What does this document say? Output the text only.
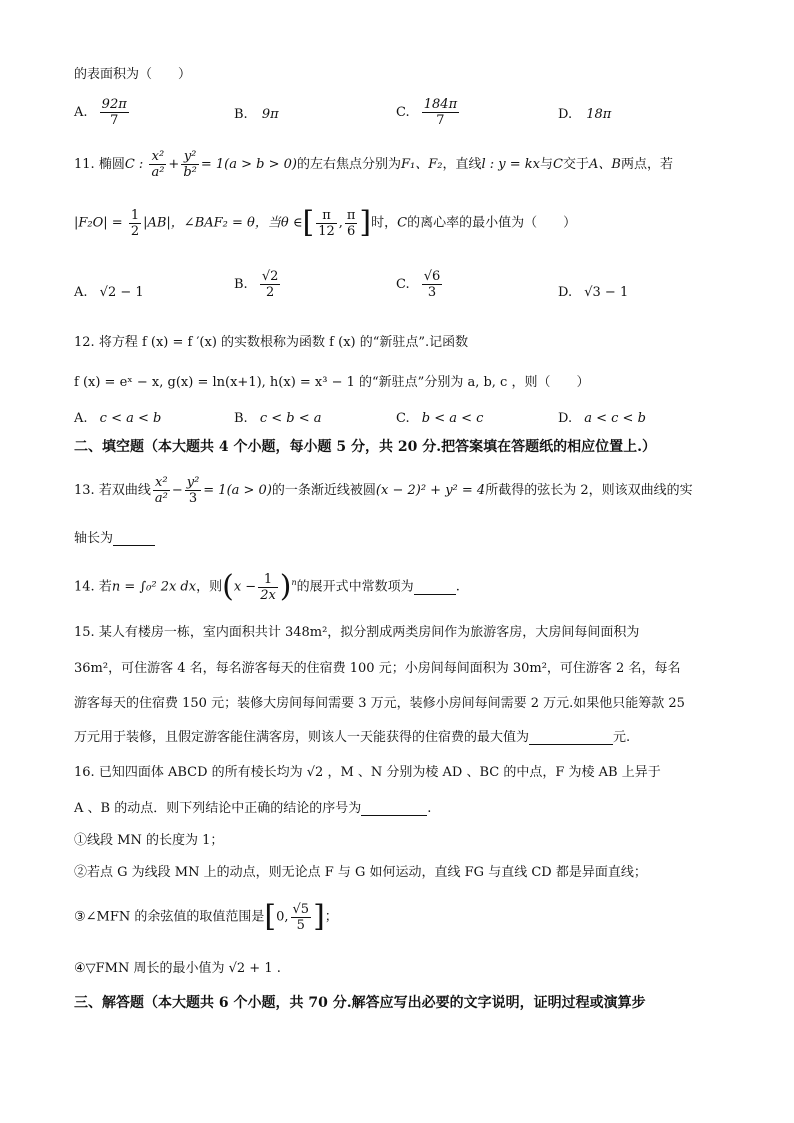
的表面积为（　　）
A. $\frac{92\pi}{7}$	B. 9π	C. $\frac{184\pi}{7}$	D. 18π
11. 椭圆C : $\frac{\text{x²}}{\text{a²}} + \frac{\text{y²}}{\text{b²}} = 1(a > b > 0)$的左右焦点分别为F₁、F₂，直线l : y = kx与C交于A、B两点，若
$|F_2O| = \frac{1}{2} |AB|$，∠BAF₂ = θ，当θ ∈[ $\frac{\pi}{12}$ , $\frac{\pi}{6}$ ]时，C的离心率的最小值为（　　）
A. √2 − 1
B. $\frac{√2}{2}$	C. $\frac{√6}{3}$	D. √3 − 1
12. 将方程 f (x) = f ′(x) 的实数根称为函数 f (x) 的“新驻点”.记函数
f (x) = eˣ − x, g(x) = ln(x+1), h(x) = x³ − 1 的“新驻点”分别为 a, b, c ，则（　　）
A. c < a < b	B. c < b < a	C. b < a < c	D. a < c < b
二、填空题（本大题共 4 个小题，每小题 5 分，共 20 分.把答案填在答题纸的相应位置上.）
13. 若双曲线 $\frac{\text{x²}}{\text{a²}} - \frac{\text{y²}}{3} = 1(a > 0)$的一条渐近线被圆(x − 2)² + y² = 4所截得的弦长为 2，则该双曲线的实
轴长为
14. 若n = ∫₀² 2x dx，则$(x - \frac{1}{2x} )^n$的展开式中常数项为	.
15. 某人有楼房一栋，室内面积共计 348m²，拟分割成两类房间作为旅游客房，大房间每间面积为
36m²，可住游客 4 名，每名游客每天的住宿费 100 元；小房间每间面积为 30m²，可住游客 2 名，每名
游客每天的住宿费 150 元；装修大房间每间需要 3 万元，装修小房间每间需要 2 万元.如果他只能筹款 25
万元用于装修，且假定游客能住满客房，则该人一天能获得的住宿费的最大值为	元.
16. 已知四面体 ABCD 的所有棱长均为 √2 ，M 、N 分别为棱 AD 、BC 的中点，F 为棱 AB 上异于
A 、B 的动点．则下列结论中正确的结论的序号为	.
①线段 MN 的长度为 1；
②若点 G 为线段 MN 上的动点，则无论点 F 与 G 如何运动，直线 FG 与直线 CD 都是异面直线；
③∠MFN 的余弦值的取值范围是[0, $\frac{√5}{5}$ ]；
④▽FMN 周长的最小值为 √2 + 1 .
三、解答题（本大题共 6 个小题，共 70 分.解答应写出必要的文字说明，证明过程或演算步
